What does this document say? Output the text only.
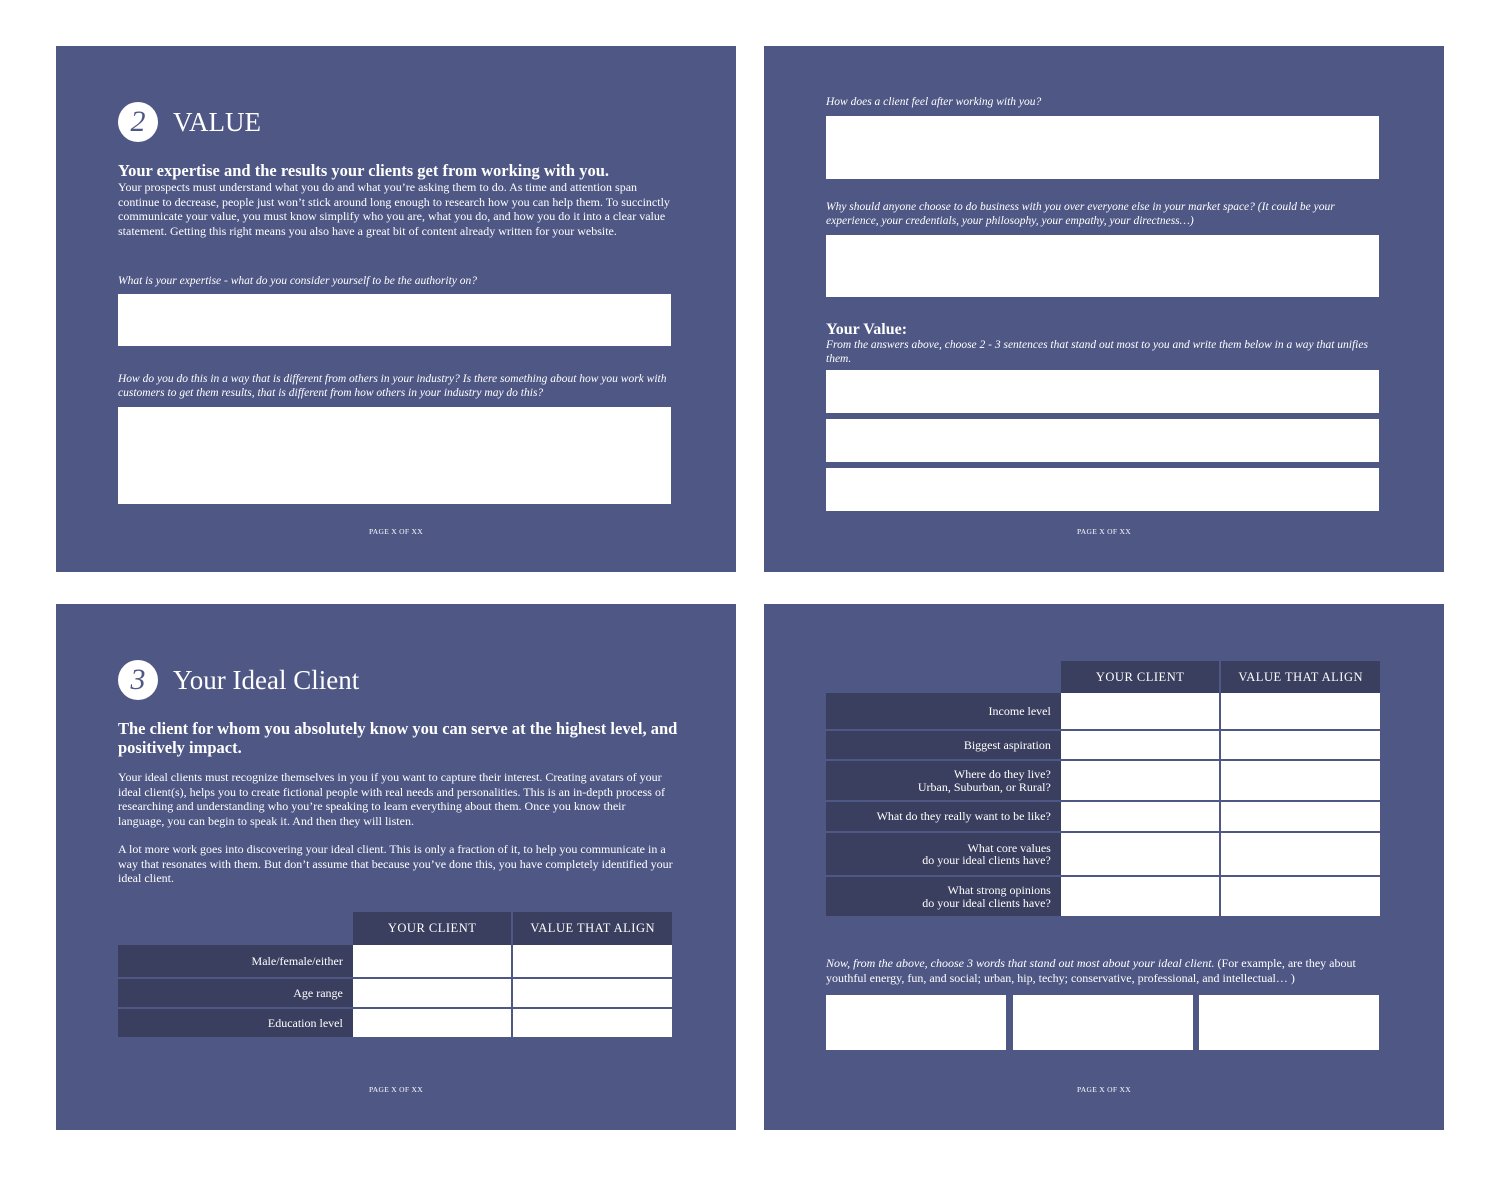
2	VALUE
Your expertise and the results your clients get from working with you.
Your prospects must understand what you do and what you’re asking them to do. As time and attention span continue to decrease, people just won’t stick around long enough to research how you can help them. To succinctly communicate your value, you must know simplify who you are, what you do, and how you do it into a clear value statement. Getting this right means you also have a great bit of content already written for your website.
What is your expertise - what do you consider yourself to be the authority on?
How do you do this in a way that is different from others in your industry? Is there something about how you work with customers to get them results, that is different from how others in your industry may do this?
PAGE X OF XX
How does a client feel after working with you?
Why should anyone choose to do business with you over everyone else in your market space? (It could be your experience, your credentials, your philosophy, your empathy, your directness…)
Your Value:
From the answers above, choose 2 - 3 sentences that stand out most to you and write them below in a way that unifies them.
PAGE X OF XX
3	Your Ideal Client
The client for whom you absolutely know you can serve at the highest level, and positively impact.
Your ideal clients must recognize themselves in you if you want to capture their interest. Creating avatars of your ideal client(s), helps you to create fictional people with real needs and personalities. This is an in-depth process of researching and understanding who you’re speaking to learn everything about them. Once you know their language, you can begin to speak it. And then they will listen.
A lot more work goes into discovering your ideal client. This is only a fraction of it, to help you communicate in a way that resonates with them. But don’t assume that because you’ve done this, you have completely identified your ideal client.
	YOUR CLIENT	VALUE THAT ALIGN
Male/female/either		
Age range		
Education level		
PAGE X OF XX
	YOUR CLIENT	VALUE THAT ALIGN

Income level		

Biggest aspiration		

Where do they live?
Urban, Suburban, or Rural?		

What do they really want to be like?		

What core values
do your ideal clients have?		

What strong opinions
do your ideal clients have?		

Now, from the above, choose 3 words that stand out most about your ideal client. (For example, are they about youthful energy, fun, and social; urban, hip, techy; conservative, professional, and intellectual… )
PAGE X OF XX
